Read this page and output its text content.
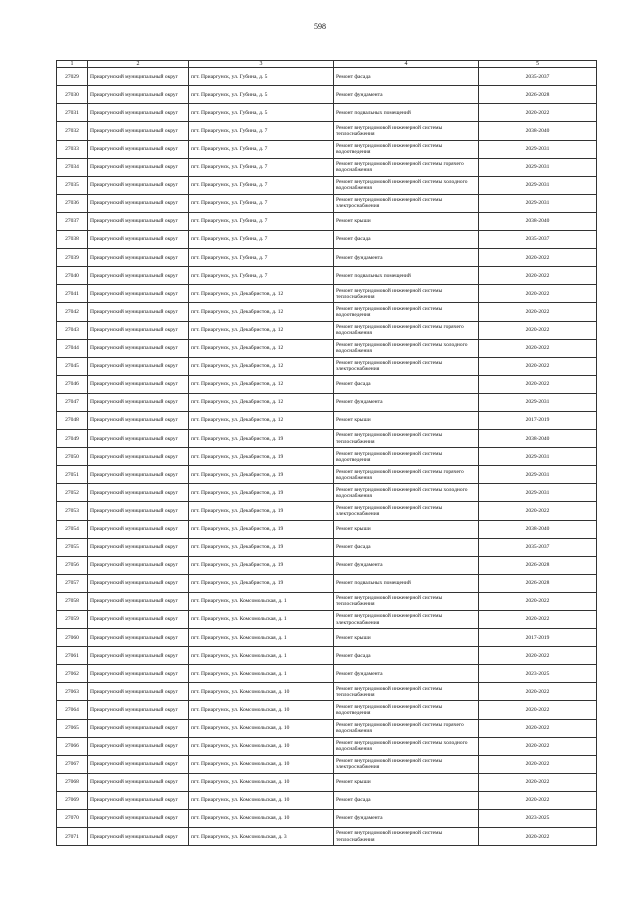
598
1	2	3	4	5
27029	Приаргунский муниципальный округ	пгт. Приаргунск, ул. Губина, д. 5	Ремонт фасада	2035-2037
27030	Приаргунский муниципальный округ	пгт. Приаргунск, ул. Губина, д. 5	Ремонт фундамента	2026-2028
27031	Приаргунский муниципальный округ	пгт. Приаргунск, ул. Губина, д. 5	Ремонт подвальных помещений	2020-2022
27032	Приаргунский муниципальный округ	пгт. Приаргунск, ул. Губина, д. 7	Ремонт внутридомовой инженерной системы теплоснабжения	2038-2040
27033	Приаргунский муниципальный округ	пгт. Приаргунск, ул. Губина, д. 7	Ремонт внутридомовой инженерной системы водоотведения	2029-2031
27034	Приаргунский муниципальный округ	пгт. Приаргунск, ул. Губина, д. 7	Ремонт внутридомовой инженерной системы горячего водоснабжения	2029-2031
27035	Приаргунский муниципальный округ	пгт. Приаргунск, ул. Губина, д. 7	Ремонт внутридомовой инженерной системы холодного водоснабжения	2029-2031
27036	Приаргунский муниципальный округ	пгт. Приаргунск, ул. Губина, д. 7	Ремонт внутридомовой инженерной системы электроснабжения	2029-2031
27037	Приаргунский муниципальный округ	пгт. Приаргунск, ул. Губина, д. 7	Ремонт крыши	2038-2040
27038	Приаргунский муниципальный округ	пгт. Приаргунск, ул. Губина, д. 7	Ремонт фасада	2035-2037
27039	Приаргунский муниципальный округ	пгт. Приаргунск, ул. Губина, д. 7	Ремонт фундамента	2020-2022
27040	Приаргунский муниципальный округ	пгт. Приаргунск, ул. Губина, д. 7	Ремонт подвальных помещений	2020-2022
27041	Приаргунский муниципальный округ	пгт. Приаргунск, ул. Декабристов, д. 12	Ремонт внутридомовой инженерной системы теплоснабжения	2020-2022
27042	Приаргунский муниципальный округ	пгт. Приаргунск, ул. Декабристов, д. 12	Ремонт внутридомовой инженерной системы водоотведения	2020-2022
27043	Приаргунский муниципальный округ	пгт. Приаргунск, ул. Декабристов, д. 12	Ремонт внутридомовой инженерной системы горячего водоснабжения	2020-2022
27044	Приаргунский муниципальный округ	пгт. Приаргунск, ул. Декабристов, д. 12	Ремонт внутридомовой инженерной системы холодного водоснабжения	2020-2022
27045	Приаргунский муниципальный округ	пгт. Приаргунск, ул. Декабристов, д. 12	Ремонт внутридомовой инженерной системы электроснабжения	2020-2022
27046	Приаргунский муниципальный округ	пгт. Приаргунск, ул. Декабристов, д. 12	Ремонт фасада	2020-2022
27047	Приаргунский муниципальный округ	пгт. Приаргунск, ул. Декабристов, д. 12	Ремонт фундамента	2029-2031
27048	Приаргунский муниципальный округ	пгт. Приаргунск, ул. Декабристов, д. 12	Ремонт крыши	2017-2019
27049	Приаргунский муниципальный округ	пгт. Приаргунск, ул. Декабристов, д. 19	Ремонт внутридомовой инженерной системы теплоснабжения	2038-2040
27050	Приаргунский муниципальный округ	пгт. Приаргунск, ул. Декабристов, д. 19	Ремонт внутридомовой инженерной системы водоотведения	2029-2031
27051	Приаргунский муниципальный округ	пгт. Приаргунск, ул. Декабристов, д. 19	Ремонт внутридомовой инженерной системы горячего водоснабжения	2029-2031
27052	Приаргунский муниципальный округ	пгт. Приаргунск, ул. Декабристов, д. 19	Ремонт внутридомовой инженерной системы холодного водоснабжения	2029-2031
27053	Приаргунский муниципальный округ	пгт. Приаргунск, ул. Декабристов, д. 19	Ремонт внутридомовой инженерной системы электроснабжения	2020-2022
27054	Приаргунский муниципальный округ	пгт. Приаргунск, ул. Декабристов, д. 19	Ремонт крыши	2038-2040
27055	Приаргунский муниципальный округ	пгт. Приаргунск, ул. Декабристов, д. 19	Ремонт фасада	2035-2037
27056	Приаргунский муниципальный округ	пгт. Приаргунск, ул. Декабристов, д. 19	Ремонт фундамента	2026-2028
27057	Приаргунский муниципальный округ	пгт. Приаргунск, ул. Декабристов, д. 19	Ремонт подвальных помещений	2026-2028
27058	Приаргунский муниципальный округ	пгт. Приаргунск, ул. Комсомольская, д. 1	Ремонт внутридомовой инженерной системы теплоснабжения	2020-2022
27059	Приаргунский муниципальный округ	пгт. Приаргунск, ул. Комсомольская, д. 1	Ремонт внутридомовой инженерной системы электроснабжения	2020-2022
27060	Приаргунский муниципальный округ	пгт. Приаргунск, ул. Комсомольская, д. 1	Ремонт крыши	2017-2019
27061	Приаргунский муниципальный округ	пгт. Приаргунск, ул. Комсомольская, д. 1	Ремонт фасада	2020-2022
27062	Приаргунский муниципальный округ	пгт. Приаргунск, ул. Комсомольская, д. 1	Ремонт фундамента	2023-2025
27063	Приаргунский муниципальный округ	пгт. Приаргунск, ул. Комсомольская, д. 10	Ремонт внутридомовой инженерной системы теплоснабжения	2020-2022
27064	Приаргунский муниципальный округ	пгт. Приаргунск, ул. Комсомольская, д. 10	Ремонт внутридомовой инженерной системы водоотведения	2020-2022
27065	Приаргунский муниципальный округ	пгт. Приаргунск, ул. Комсомольская, д. 10	Ремонт внутридомовой инженерной системы горячего водоснабжения	2020-2022
27066	Приаргунский муниципальный округ	пгт. Приаргунск, ул. Комсомольская, д. 10	Ремонт внутридомовой инженерной системы холодного водоснабжения	2020-2022
27067	Приаргунский муниципальный округ	пгт. Приаргунск, ул. Комсомольская, д. 10	Ремонт внутридомовой инженерной системы электроснабжения	2020-2022
27068	Приаргунский муниципальный округ	пгт. Приаргунск, ул. Комсомольская, д. 10	Ремонт крыши	2020-2022
27069	Приаргунский муниципальный округ	пгт. Приаргунск, ул. Комсомольская, д. 10	Ремонт фасада	2020-2022
27070	Приаргунский муниципальный округ	пгт. Приаргунск, ул. Комсомольская, д. 10	Ремонт фундамента	2023-2025
27071	Приаргунский муниципальный округ	пгт. Приаргунск, ул. Комсомольская, д. 3	Ремонт внутридомовой инженерной системы теплоснабжения	2020-2022
